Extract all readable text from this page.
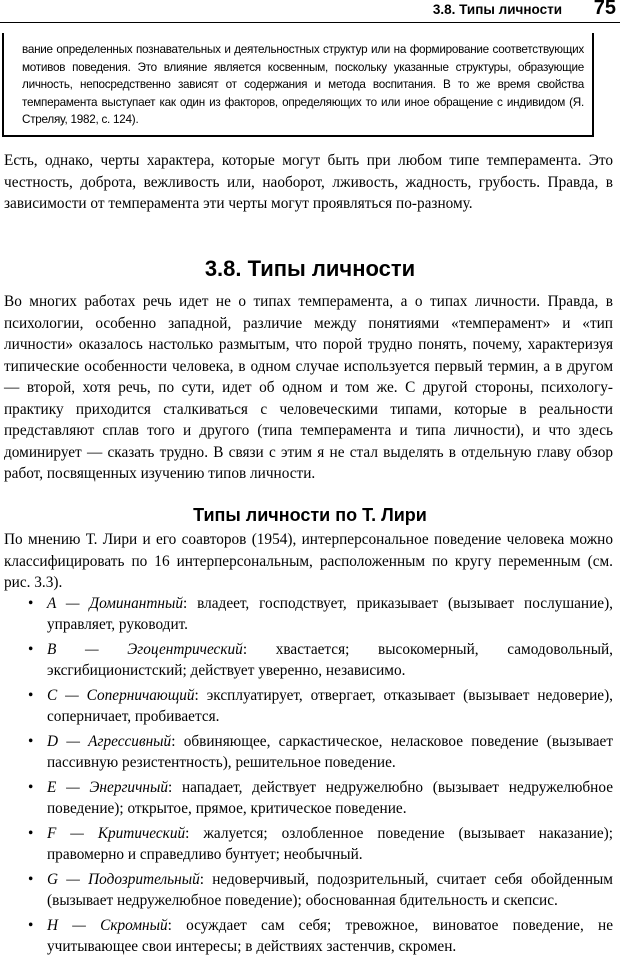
3.8. Типы личности 75
вание определенных познавательных и деятельностных структур или на формирование соответствующих мотивов поведения. Это влияние является косвенным, поскольку указанные структуры, образующие личность, непосредственно зависят от содержания и метода воспитания. В то же время свойства темперамента выступает как один из факторов, определяющих то или иное обращение с индивидом (Я. Стреляу, 1982, с. 124).

Есть, однако, черты характера, которые могут быть при любом типе темперамента. Это честность, доброта, вежливость или, наоборот, лживость, жадность, грубость. Правда, в зависимости от темперамента эти черты могут проявляться по-разному.

3.8. Типы личности

Во многих работах речь идет не о типах темперамента, а о типах личности. Правда, в психологии, особенно западной, различие между понятиями «темперамент» и «тип личности» оказалось настолько размытым, что порой трудно понять, почему, характеризуя типические особенности человека, в одном случае используется первый термин, а в другом — второй, хотя речь, по сути, идет об одном и том же. С другой стороны, психологу-практику приходится сталкиваться с человеческими типами, которые в реальности представляют сплав того и другого (типа темперамента и типа личности), и что здесь доминирует — сказать трудно. В связи с этим я не стал выделять в отдельную главу обзор работ, посвященных изучению типов личности.

Типы личности по Т. Лири

По мнению Т. Лири и его соавторов (1954), интерперсональное поведение человека можно классифицировать по 16 интерперсональным, расположенным по кругу переменным (см. рис. 3.3).

• A — Доминантный: владеет, господствует, приказывает (вызывает послушание), управляет, руководит.
• B — Эгоцентрический: хвастается; высокомерный, самодовольный, эксгибиционистский; действует уверенно, независимо.
• C — Соперничающий: эксплуатирует, отвергает, отказывает (вызывает недоверие), соперничает, пробивается.
• D — Агрессивный: обвиняющее, саркастическое, неласковое поведение (вызывает пассивную резистентность), решительное поведение.
• E — Энергичный: нападает, действует недружелюбно (вызывает недружелюбное поведение); открытое, прямое, критическое поведение.
• F — Критический: жалуется; озлобленное поведение (вызывает наказание); правомерно и справедливо бунтует; необычный.
• G — Подозрительный: недоверчивый, подозрительный, считает себя обойденным (вызывает недружелюбное поведение); обоснованная бдительность и скепсис.
• H — Скромный: осуждает сам себя; тревожное, виноватое поведение, не учитывающее свои интересы; в действиях застенчив, скромен.
